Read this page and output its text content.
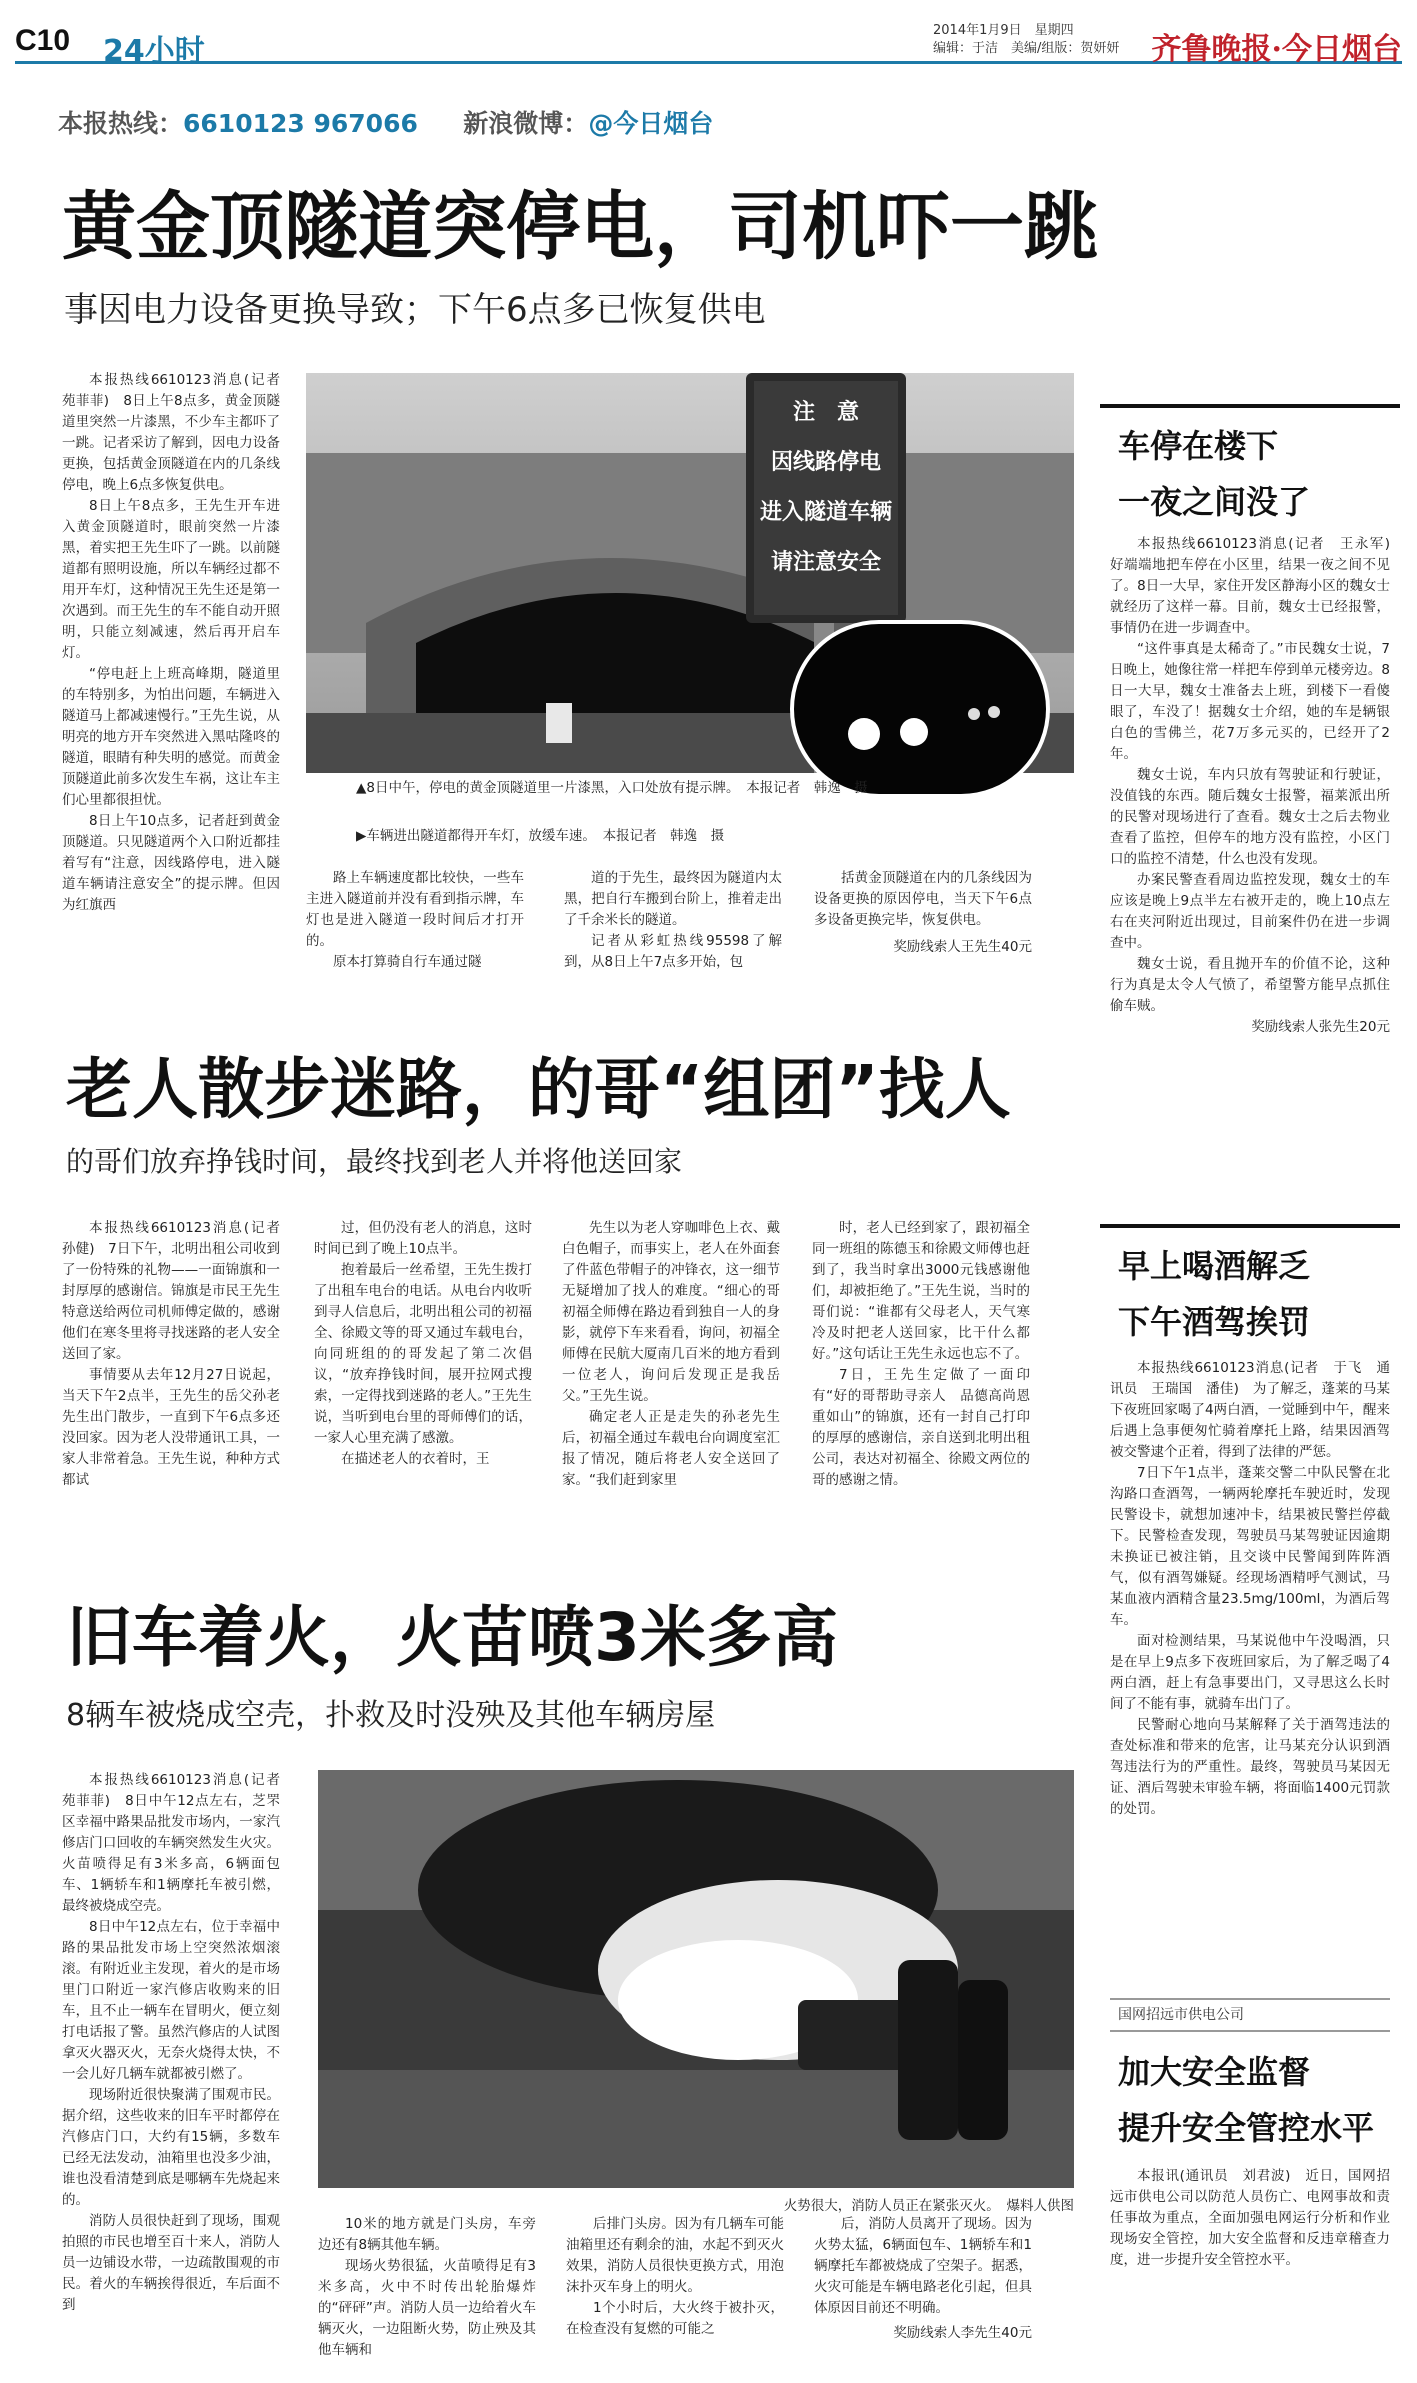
C10 24小时
2014年1月9日　星期四
编辑：于洁　美编/组版：贺妍妍	齐鲁晚报·今日烟台
本报热线：6610123 967066 新浪微博：@今日烟台
黄金顶隧道突停电，司机吓一跳
事因电力设备更换导致；下午6点多已恢复供电

本报热线6610123消息(记者　苑菲菲)　8日上午8点多，黄金顶隧道里突然一片漆黑，不少车主都吓了一跳。记者采访了解到，因电力设备更换，包括黄金顶隧道在内的几条线停电，晚上6点多恢复供电。

8日上午8点多，王先生开车进入黄金顶隧道时，眼前突然一片漆黑，着实把王先生吓了一跳。以前隧道都有照明设施，所以车辆经过都不用开车灯，这种情况王先生还是第一次遇到。而王先生的车不能自动开照明，只能立刻减速，然后再开启车灯。

“停电赶上上班高峰期，隧道里的车特别多，为怕出问题，车辆进入隧道马上都减速慢行。”王先生说，从明亮的地方开车突然进入黑咕隆咚的隧道，眼睛有种失明的感觉。而黄金顶隧道此前多次发生车祸，这让车主们心里都很担忧。

8日上午10点多，记者赶到黄金顶隧道。只见隧道两个入口附近都挂着写有“注意，因线路停电，进入隧道车辆请注意安全”的提示牌。但因为红旗西

注　意
因线路停电
进入隧道车辆
请注意安全
▲8日中午，停电的黄金顶隧道里一片漆黑，入口处放有提示牌。　本报记者　韩逸　摄
▶车辆进出隧道都得开车灯，放缓车速。　本报记者　韩逸　摄

路上车辆速度都比较快，一些车主进入隧道前并没有看到指示牌，车灯也是进入隧道一段时间后才打开的。

原本打算骑自行车通过隧

道的于先生，最终因为隧道内太黑，把自行车搬到台阶上，推着走出了千余米长的隧道。

记者从彩虹热线95598了解到，从8日上午7点多开始，包

括黄金顶隧道在内的几条线因为设备更换的原因停电，当天下午6点多设备更换完毕，恢复供电。

奖励线索人王先生40元

老人散步迷路，的哥“组团”找人
的哥们放弃挣钱时间，最终找到老人并将他送回家

本报热线6610123消息(记者　孙健)　7日下午，北明出租公司收到了一份特殊的礼物——一面锦旗和一封厚厚的感谢信。锦旗是市民王先生特意送给两位司机师傅定做的，感谢他们在寒冬里将寻找迷路的老人安全送回了家。

事情要从去年12月27日说起，当天下午2点半，王先生的岳父孙老先生出门散步，一直到下午6点多还没回家。因为老人没带通讯工具，一家人非常着急。王先生说，种种方式都试

过，但仍没有老人的消息，这时时间已到了晚上10点半。

抱着最后一丝希望，王先生拨打了出租车电台的电话。从电台内收听到寻人信息后，北明出租公司的初福全、徐殿文等的哥又通过车载电台，向同班组的的哥发起了第二次倡议，“放弃挣钱时间，展开拉网式搜索，一定得找到迷路的老人。”王先生说，当听到电台里的哥师傅们的话，一家人心里充满了感激。

在描述老人的衣着时，王

先生以为老人穿咖啡色上衣、戴白色帽子，而事实上，老人在外面套了件蓝色带帽子的冲锋衣，这一细节无疑增加了找人的难度。“细心的哥初福全师傅在路边看到独自一人的身影，就停下车来看看，询问，初福全师傅在民航大厦南几百米的地方看到一位老人，询问后发现正是我岳父。”王先生说。

确定老人正是走失的孙老先生后，初福全通过车载电台向调度室汇报了情况，随后将老人安全送回了家。“我们赶到家里

时，老人已经到家了，跟初福全同一班组的陈德玉和徐殿文师傅也赶到了，我当时拿出3000元钱感谢他们，却被拒绝了。”王先生说，当时的哥们说：“谁都有父母老人，天气寒冷及时把老人送回家，比干什么都好。”这句话让王先生永远也忘不了。

7日，王先生定做了一面印有“好的哥帮助寻亲人　品德高尚恩重如山”的锦旗，还有一封自己打印的厚厚的感谢信，亲自送到北明出租公司，表达对初福全、徐殿文两位的哥的感谢之情。

旧车着火，火苗喷3米多高
8辆车被烧成空壳，扑救及时没殃及其他车辆房屋

本报热线6610123消息(记者　苑菲菲)　8日中午12点左右，芝罘区幸福中路果品批发市场内，一家汽修店门口回收的车辆突然发生火灾。火苗喷得足有3米多高，6辆面包车、1辆轿车和1辆摩托车被引燃，最终被烧成空壳。

8日中午12点左右，位于幸福中路的果品批发市场上空突然浓烟滚滚。有附近业主发现，着火的是市场里门口附近一家汽修店收购来的旧车，且不止一辆车在冒明火，便立刻打电话报了警。虽然汽修店的人试图拿灭火器灭火，无奈火烧得太快，不一会儿好几辆车就都被引燃了。

现场附近很快聚满了围观市民。据介绍，这些收来的旧车平时都停在汽修店门口，大约有15辆，多数车已经无法发动，油箱里也没多少油，谁也没看清楚到底是哪辆车先烧起来的。

消防人员很快赶到了现场，围观拍照的市民也增至百十来人，消防人员一边铺设水带，一边疏散围观的市民。着火的车辆挨得很近，车后面不到

火势很大，消防人员正在紧张灭火。　爆料人供图

10米的地方就是门头房，车旁边还有8辆其他车辆。

现场火势很猛，火苗喷得足有3米多高，火中不时传出轮胎爆炸的“砰砰”声。消防人员一边给着火车辆灭火，一边阻断火势，防止殃及其他车辆和

后排门头房。因为有几辆车可能油箱里还有剩余的油，水起不到灭火效果，消防人员很快更换方式，用泡沫扑灭车身上的明火。

1个小时后，大火终于被扑灭，在检查没有复燃的可能之

后，消防人员离开了现场。因为火势太猛，6辆面包车、1辆轿车和1辆摩托车都被烧成了空架子。据悉，火灾可能是车辆电路老化引起，但具体原因目前还不明确。

奖励线索人李先生40元

车停在楼下
一夜之间没了

本报热线6610123消息(记者　王永军)　好端端地把车停在小区里，结果一夜之间不见了。8日一大早，家住开发区静海小区的魏女士就经历了这样一幕。目前，魏女士已经报警，事情仍在进一步调查中。

“这件事真是太稀奇了。”市民魏女士说，7日晚上，她像往常一样把车停到单元楼旁边。8日一大早，魏女士准备去上班，到楼下一看傻眼了，车没了！据魏女士介绍，她的车是辆银白色的雪佛兰，花7万多元买的，已经开了2年。

魏女士说，车内只放有驾驶证和行驶证，没值钱的东西。随后魏女士报警，福莱派出所的民警对现场进行了查看。魏女士之后去物业查看了监控，但停车的地方没有监控，小区门口的监控不清楚，什么也没有发现。

办案民警查看周边监控发现，魏女士的车应该是晚上9点半左右被开走的，晚上10点左右在夹河附近出现过，目前案件仍在进一步调查中。

魏女士说，看且抛开车的价值不论，这种行为真是太令人气愤了，希望警方能早点抓住偷车贼。

奖励线索人张先生20元

早上喝酒解乏
下午酒驾挨罚

本报热线6610123消息(记者　于飞　通讯员　王瑞国　潘佳)　为了解乏，蓬莱的马某下夜班回家喝了4两白酒，一觉睡到中午，醒来后遇上急事便匆忙骑着摩托上路，结果因酒驾被交警逮个正着，得到了法律的严惩。

7日下午1点半，蓬莱交警二中队民警在北沟路口查酒驾，一辆两轮摩托车驶近时，发现民警设卡，就想加速冲卡，结果被民警拦停截下。民警检查发现，驾驶员马某驾驶证因逾期未换证已被注销，且交谈中民警闻到阵阵酒气，似有酒驾嫌疑。经现场酒精呼气测试，马某血液内酒精含量23.5mg/100ml，为酒后驾车。

面对检测结果，马某说他中午没喝酒，只是在早上9点多下夜班回家后，为了解乏喝了4两白酒，赶上有急事要出门，又寻思这么长时间了不能有事，就骑车出门了。

民警耐心地向马某解释了关于酒驾违法的查处标准和带来的危害，让马某充分认识到酒驾违法行为的严重性。最终，驾驶员马某因无证、酒后驾驶未审验车辆，将面临1400元罚款的处罚。

国网招远市供电公司
加大安全监督
提升安全管控水平

本报讯(通讯员　刘君波)　近日，国网招远市供电公司以防范人员伤亡、电网事故和责任事故为重点，全面加强电网运行分析和作业现场安全管控，加大安全监督和反违章稽查力度，进一步提升安全管控水平。
